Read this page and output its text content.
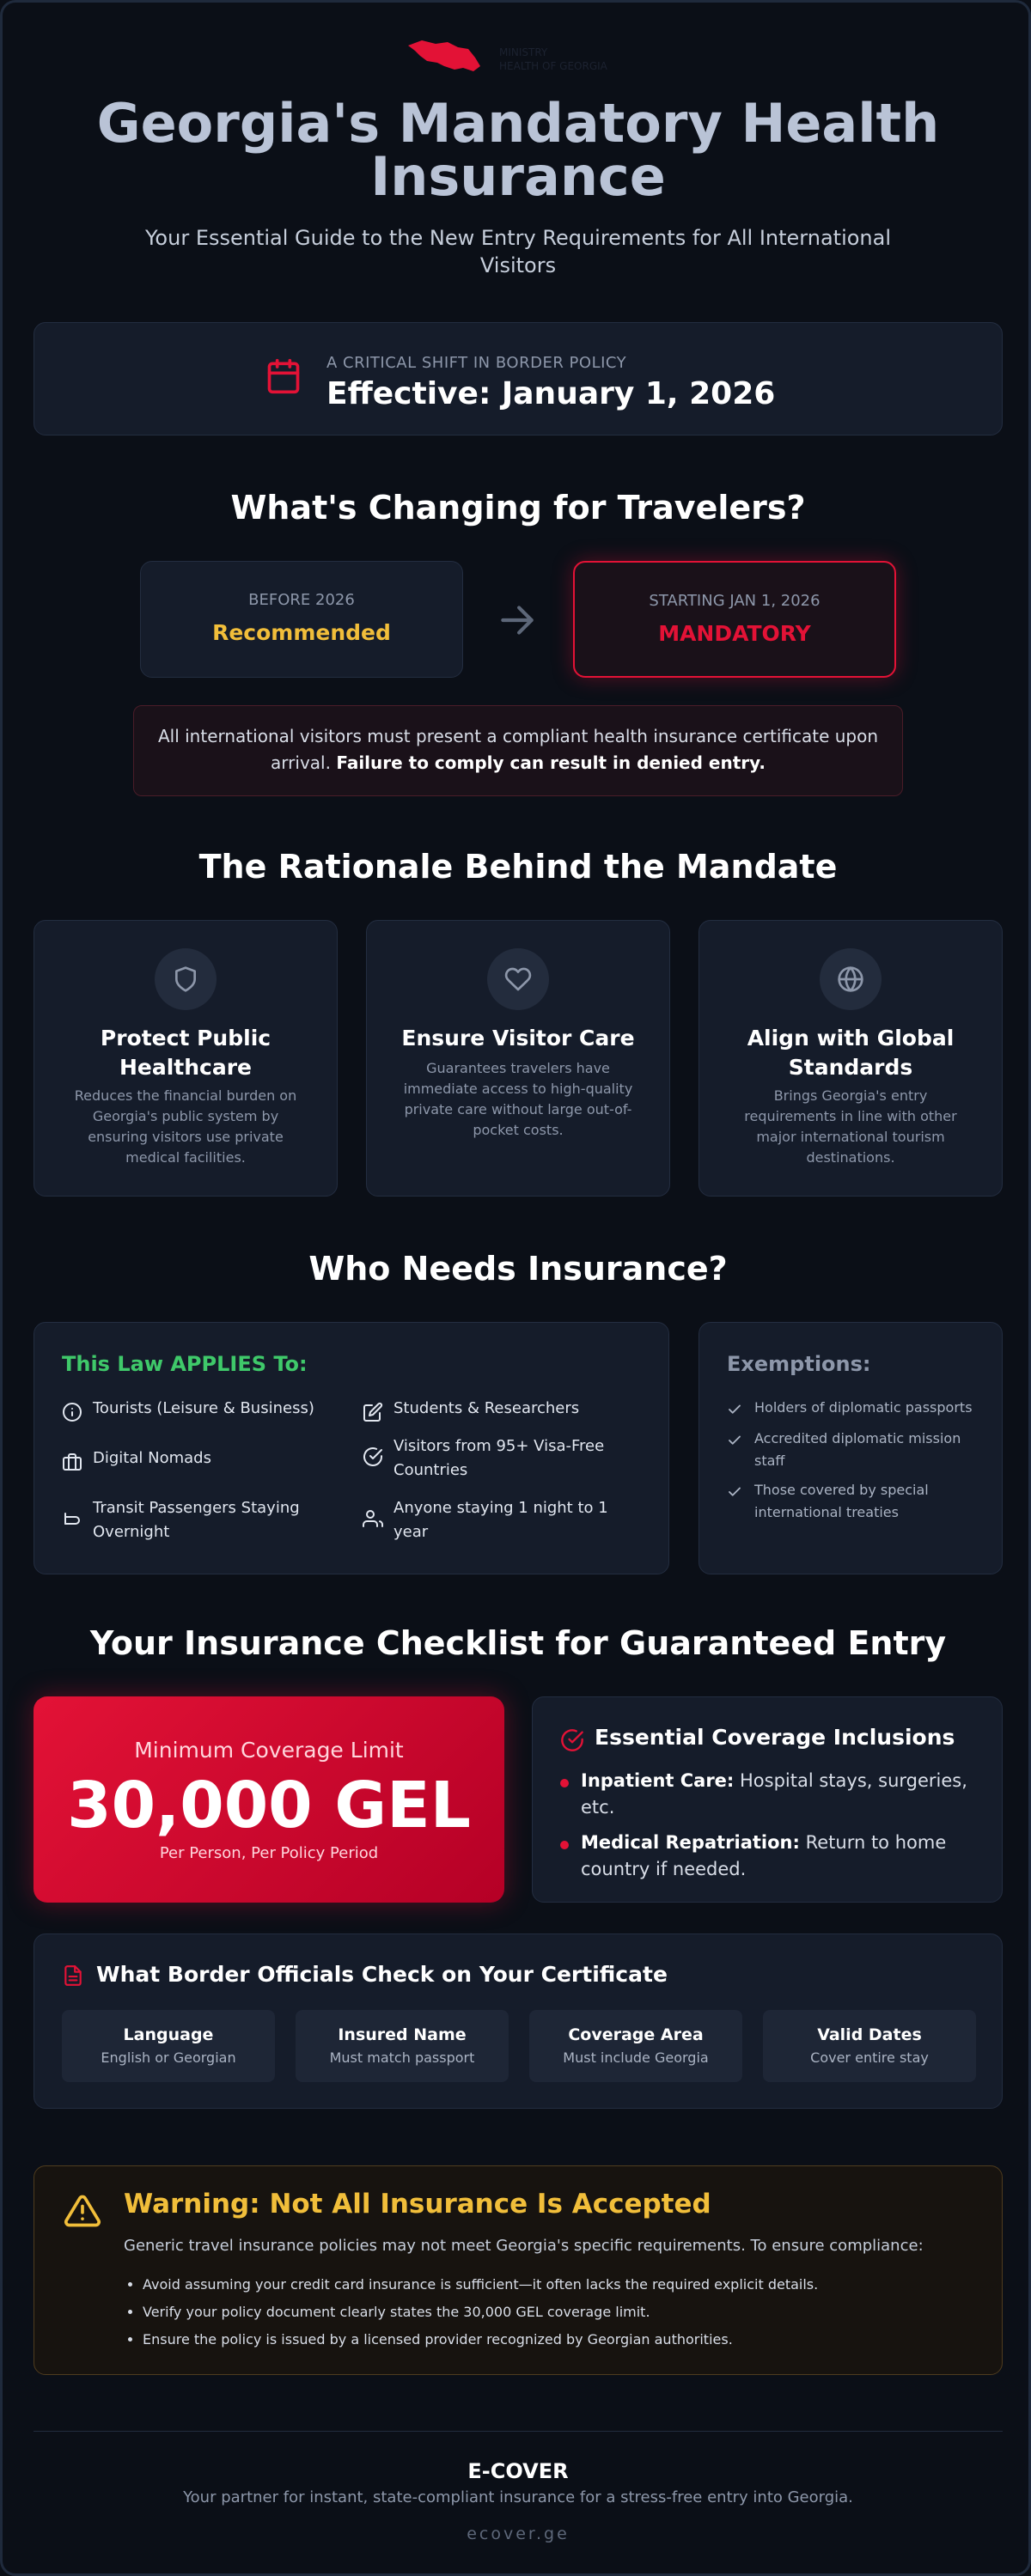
MINISTRY
HEALTH OF GEORGIA
Georgia's Mandatory Health Insurance

Your Essential Guide to the New Entry Requirements for All International Visitors

A CRITICAL SHIFT IN BORDER POLICY
Effective: January 1, 2026
What's Changing for Travelers?
BEFORE 2026
Recommended
STARTING JAN 1, 2026
MANDATORY
All international visitors must present a compliant health insurance certificate upon arrival. Failure to comply can result in denied entry.
The Rationale Behind the Mandate
Protect Public Healthcare
Reduces the financial burden on Georgia's public system by ensuring visitors use private medical facilities.
Ensure Visitor Care
Guarantees travelers have immediate access to high-quality private care without large out-of-pocket costs.
Align with Global Standards
Brings Georgia's entry requirements in line with other major international tourism destinations.
Who Needs Insurance?
This Law APPLIES To:
Tourists (Leisure & Business)	Students & Researchers
Digital Nomads
Visitors from 95+ Visa-Free Countries
Transit Passengers Staying Overnight
Anyone staying 1 night to 1 year
Exemptions:
Holders of diplomatic passports
Accredited diplomatic mission staff
Those covered by special international treaties
Your Insurance Checklist for Guaranteed Entry
Minimum Coverage Limit
30,000 GEL
Per Person, Per Policy Period
Essential Coverage Inclusions
Inpatient Care: Hospital stays, surgeries, etc.
Medical Repatriation: Return to home country if needed.
What Border Officials Check on Your Certificate
Language
English or Georgian
Insured Name
Must match passport
Coverage Area
Must include Georgia
Valid Dates
Cover entire stay
Warning: Not All Insurance Is Accepted
Generic travel insurance policies may not meet Georgia's specific requirements. To ensure compliance:
• Avoid assuming your credit card insurance is sufficient—it often lacks the required explicit details.
• Verify your policy document clearly states the 30,000 GEL coverage limit.
• Ensure the policy is issued by a licensed provider recognized by Georgian authorities.
E-COVER
Your partner for instant, state-compliant insurance for a stress-free entry into Georgia.
ecover.ge
